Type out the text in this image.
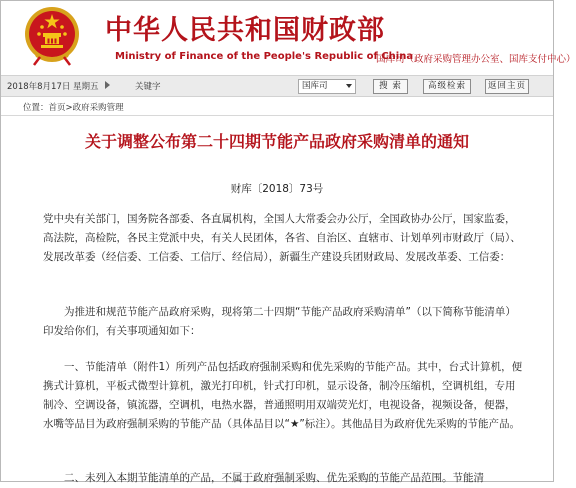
中华人民共和国财政部
Ministry of Finance of the People's Republic of China
国库司（政府采购管理办公室、国库支付中心）
2018年8月17日 星期五	关键字	国库司	搜 索	高级检索	返回主页
位置：首页>政府采购管理
关于调整公布第二十四期节能产品政府采购清单的通知
财库〔2018〕73号
党中央有关部门，国务院各部委、各直属机构，全国人大常委会办公厅，全国政协办公厅，国家监委，高法院，高检院，各民主党派中央，有关人民团体，各省、自治区、直辖市、计划单列市财政厅（局）、发展改革委（经信委、工信委、工信厅、经信局），新疆生产建设兵团财政局、发展改革委、工信委：
为推进和规范节能产品政府采购，现将第二十四期“节能产品政府采购清单”（以下简称节能清单）印发给你们，有关事项通知如下：
一、节能清单（附件1）所列产品包括政府强制采购和优先采购的节能产品。其中，台式计算机，便携式计算机，平板式微型计算机，激光打印机，针式打印机，显示设备，制冷压缩机，空调机组，专用制冷、空调设备，镇流器，空调机，电热水器，普通照明用双端荧光灯，电视设备，视频设备，便器，水嘴等品目为政府强制采购的节能产品（具体品目以“★”标注）。其他品目为政府优先采购的节能产品。
二、未列入本期节能清单的产品，不属于政府强制采购、优先采购的节能产品范围。节能清
